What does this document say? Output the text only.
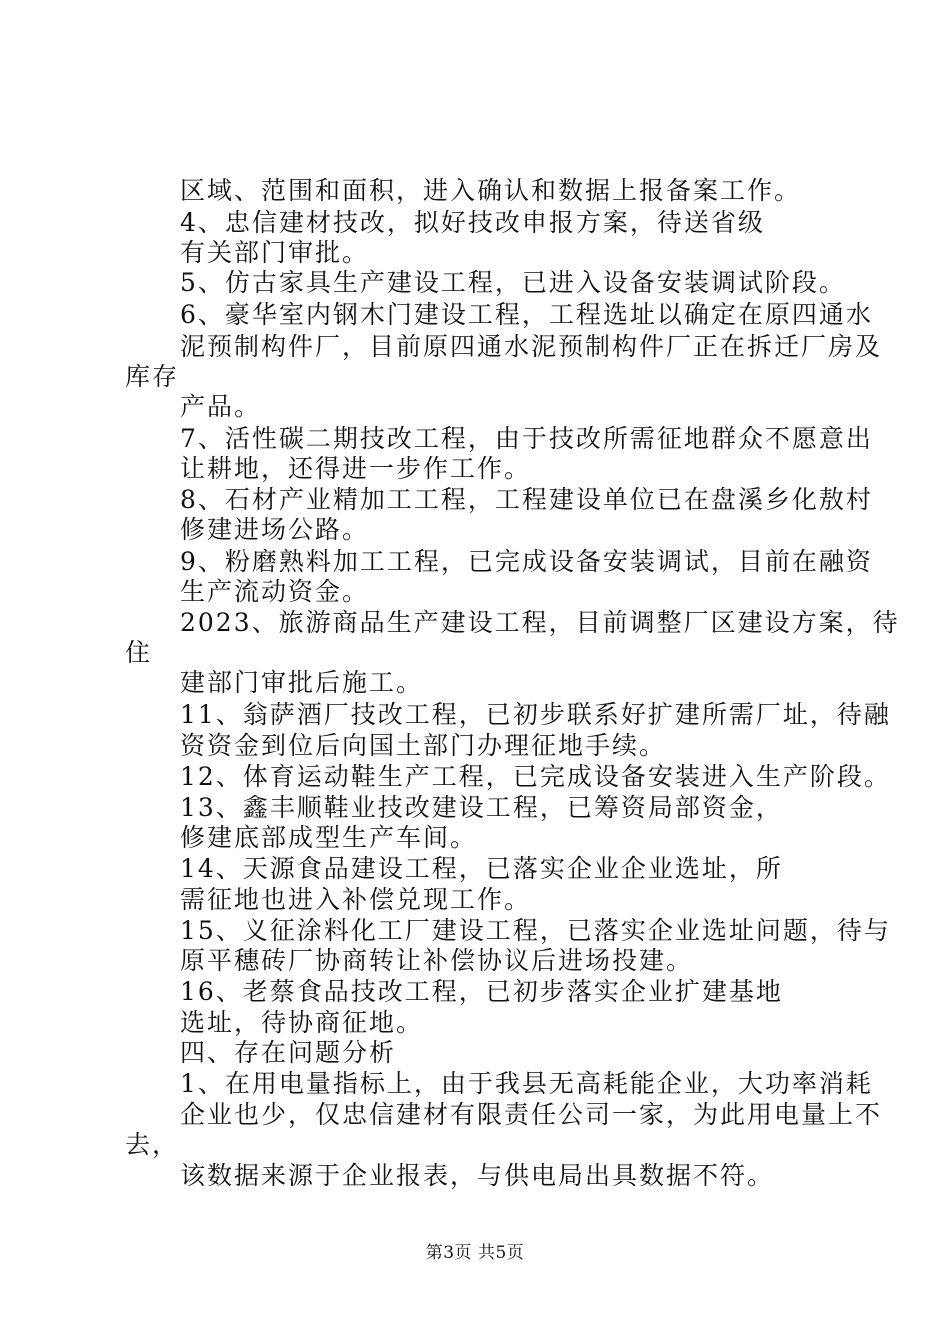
区域、范围和面积，进入确认和数据上报备案工作。
4、忠信建材技改，拟好技改申报方案，待送省级
有关部门审批。
5、仿古家具生产建设工程，已进入设备安装调试阶段。
6、豪华室内钢木门建设工程，工程选址以确定在原四通水
泥预制构件厂，目前原四通水泥预制构件厂正在拆迁厂房及
库存
产品。
7、活性碳二期技改工程，由于技改所需征地群众不愿意出
让耕地，还得进一步作工作。
8、石材产业精加工工程，工程建设单位已在盘溪乡化敖村
修建进场公路。
9、粉磨熟料加工工程，已完成设备安装调试，目前在融资
生产流动资金。
2023、旅游商品生产建设工程，目前调整厂区建设方案，待
住
建部门审批后施工。
11、翁萨酒厂技改工程，已初步联系好扩建所需厂址，待融
资资金到位后向国土部门办理征地手续。
12、体育运动鞋生产工程，已完成设备安装进入生产阶段。
13、鑫丰顺鞋业技改建设工程，已筹资局部资金，
修建底部成型生产车间。
14、天源食品建设工程，已落实企业企业选址，所
需征地也进入补偿兑现工作。
15、义征涂料化工厂建设工程，已落实企业选址问题，待与
原平穗砖厂协商转让补偿协议后进场投建。
16、老蔡食品技改工程，已初步落实企业扩建基地
选址，待协商征地。
四、存在问题分析
1、在用电量指标上，由于我县无高耗能企业，大功率消耗
企业也少，仅忠信建材有限责任公司一家，为此用电量上不
去，
该数据来源于企业报表，与供电局出具数据不符。
第3页 共5页
